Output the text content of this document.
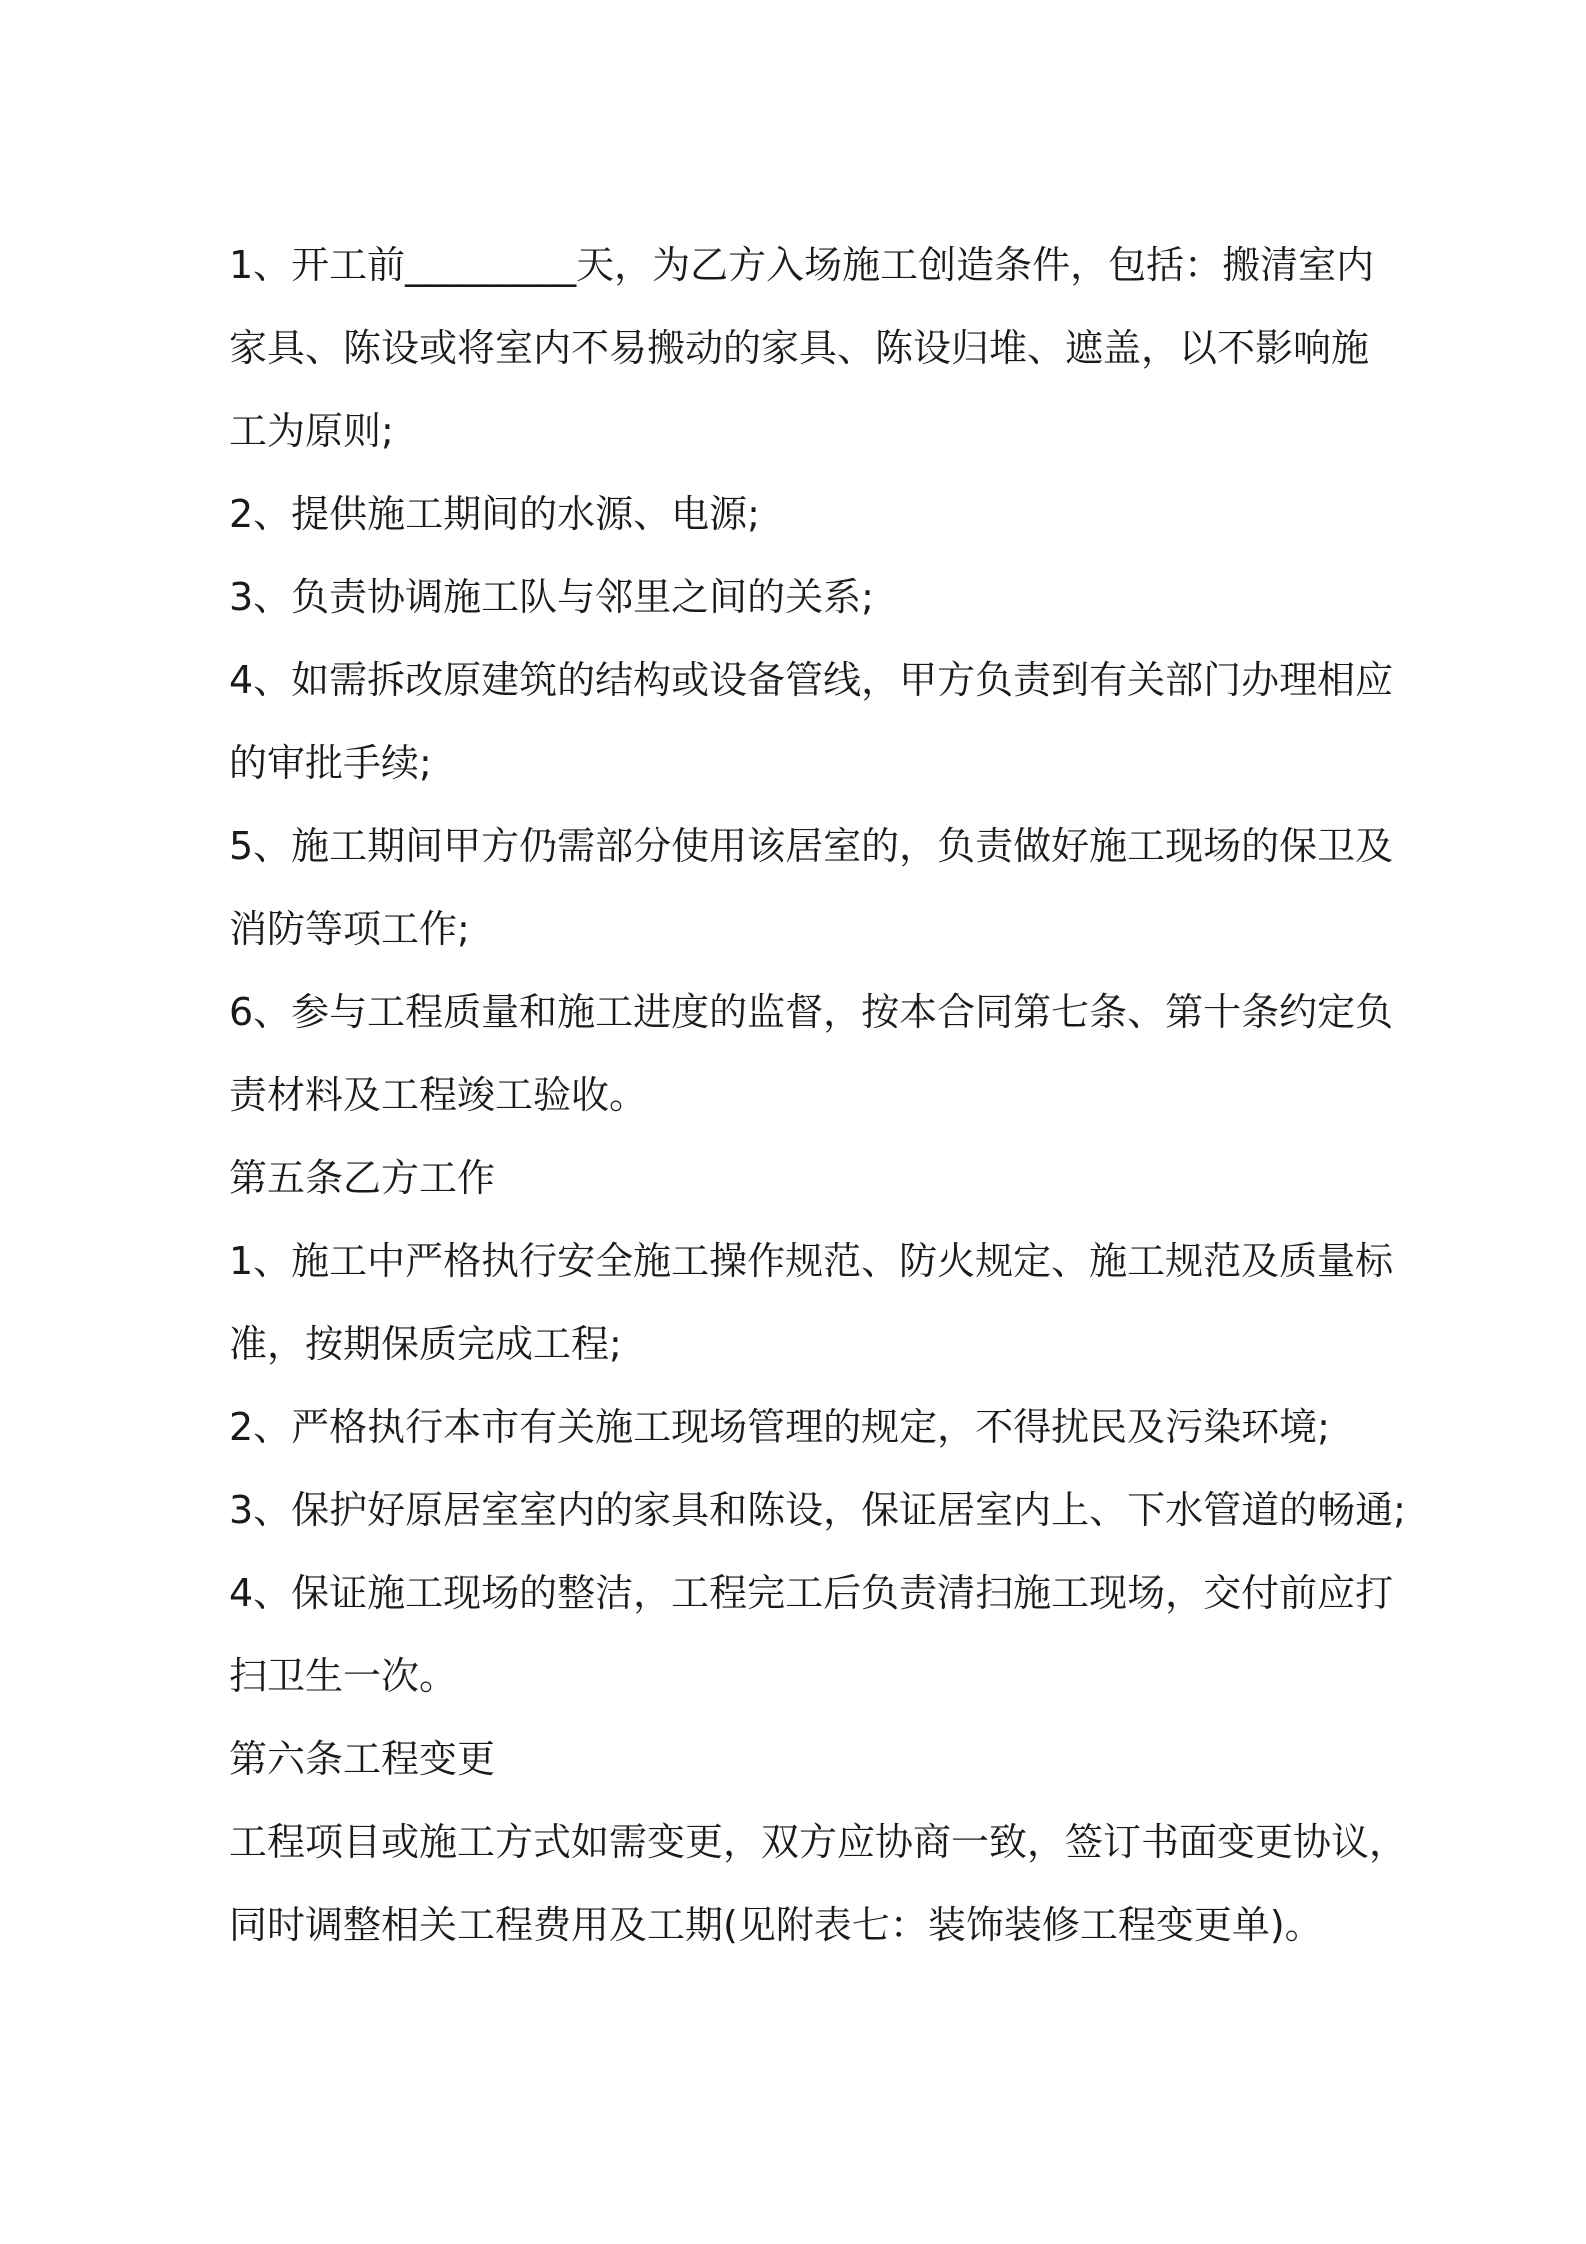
1、开工前_________天，为乙方入场施工创造条件，包括：搬清室内

家具、陈设或将室内不易搬动的家具、陈设归堆、遮盖，以不影响施

工为原则;

2、提供施工期间的水源、电源;

3、负责协调施工队与邻里之间的关系;

4、如需拆改原建筑的结构或设备管线，甲方负责到有关部门办理相应

的审批手续;

5、施工期间甲方仍需部分使用该居室的，负责做好施工现场的保卫及

消防等项工作;

6、参与工程质量和施工进度的监督，按本合同第七条、第十条约定负

责材料及工程竣工验收。

第五条乙方工作

1、施工中严格执行安全施工操作规范、防火规定、施工规范及质量标

准，按期保质完成工程;

2、严格执行本市有关施工现场管理的规定，不得扰民及污染环境;

3、保护好原居室室内的家具和陈设，保证居室内上、下水管道的畅通;

4、保证施工现场的整洁，工程完工后负责清扫施工现场，交付前应打

扫卫生一次。

第六条工程变更

工程项目或施工方式如需变更，双方应协商一致，签订书面变更协议，

同时调整相关工程费用及工期(见附表七：装饰装修工程变更单)。
